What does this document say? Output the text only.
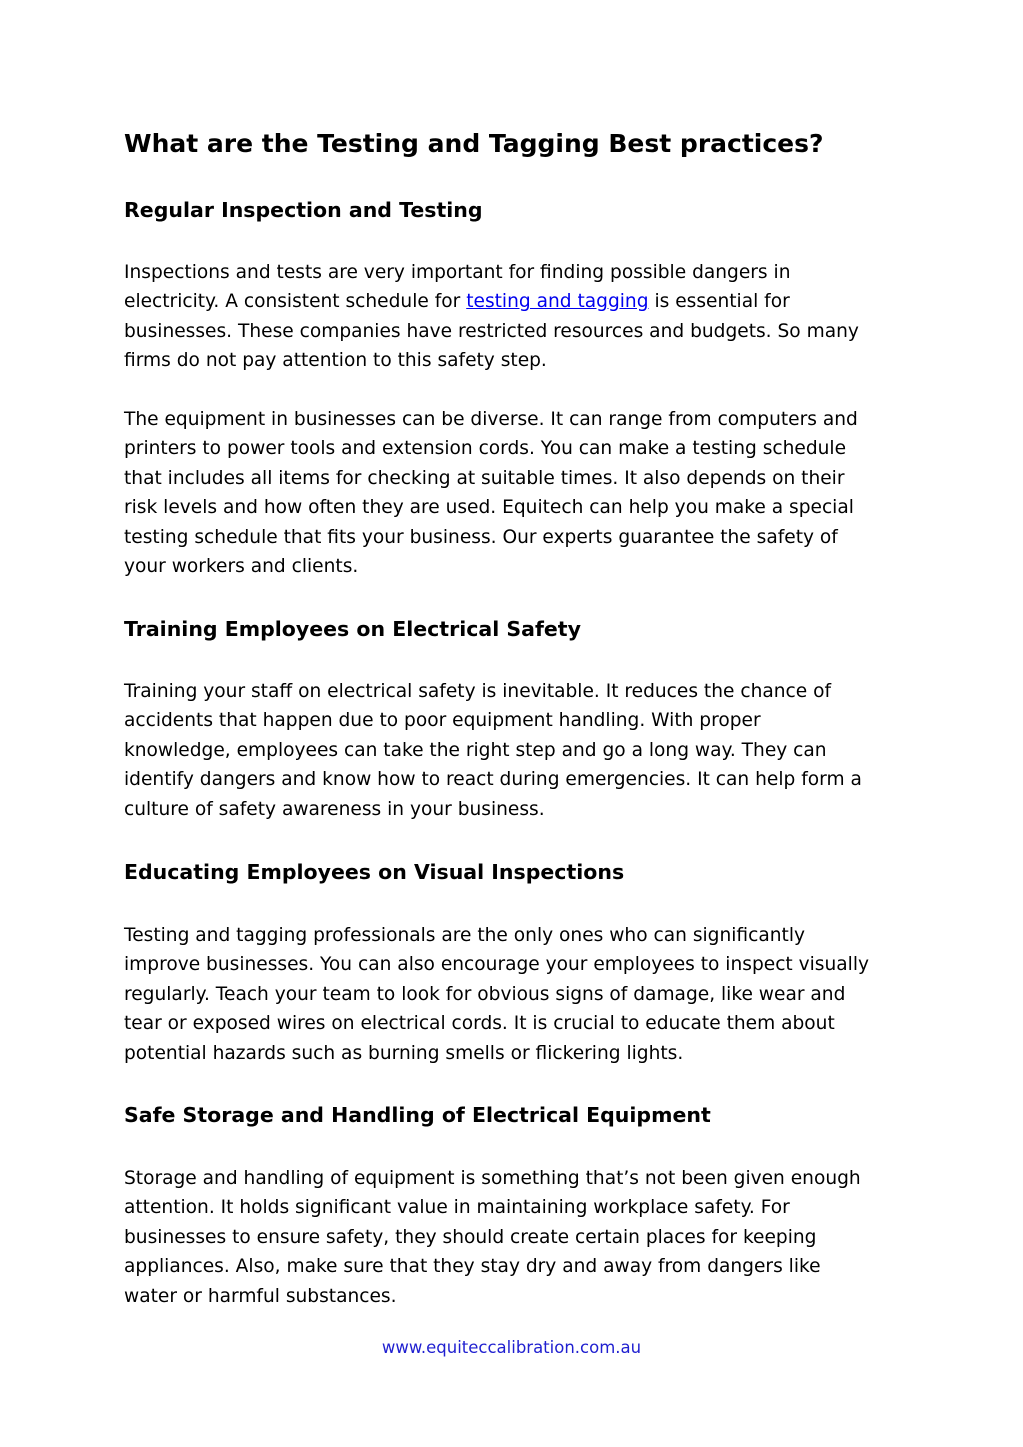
What are the Testing and Tagging Best practices?
Regular Inspection and Testing

Inspections and tests are very important for finding possible dangers in
electricity. A consistent schedule for testing and tagging is essential for
businesses. These companies have restricted resources and budgets. So many
firms do not pay attention to this safety step.

The equipment in businesses can be diverse. It can range from computers and
printers to power tools and extension cords. You can make a testing schedule
that includes all items for checking at suitable times. It also depends on their
risk levels and how often they are used. Equitech can help you make a special
testing schedule that fits your business. Our experts guarantee the safety of
your workers and clients.

Training Employees on Electrical Safety

Training your staff on electrical safety is inevitable. It reduces the chance of
accidents that happen due to poor equipment handling. With proper
knowledge, employees can take the right step and go a long way. They can
identify dangers and know how to react during emergencies. It can help form a
culture of safety awareness in your business.

Educating Employees on Visual Inspections

Testing and tagging professionals are the only ones who can significantly
improve businesses. You can also encourage your employees to inspect visually
regularly. Teach your team to look for obvious signs of damage, like wear and
tear or exposed wires on electrical cords. It is crucial to educate them about
potential hazards such as burning smells or flickering lights.

Safe Storage and Handling of Electrical Equipment

Storage and handling of equipment is something that’s not been given enough
attention. It holds significant value in maintaining workplace safety. For
businesses to ensure safety, they should create certain places for keeping
appliances. Also, make sure that they stay dry and away from dangers like
water or harmful substances.

www.equiteccalibration.com.au
